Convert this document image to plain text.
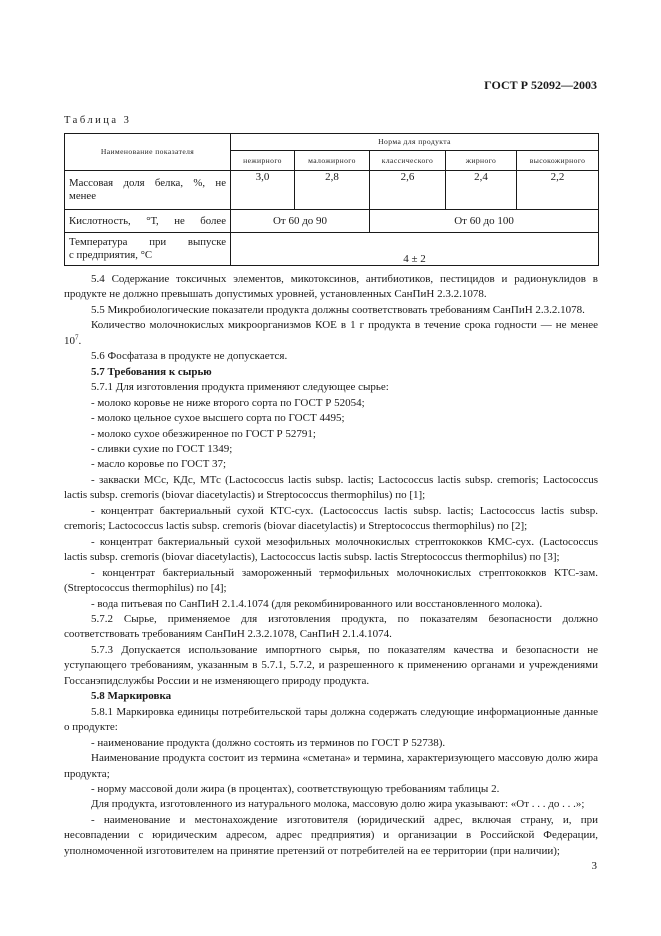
ГОСТ Р 52092—2003
Таблица 3
Наименование показателя	Норма для продукта				
	нежирного	маложирного	классического	жирного	высокожирного
Массовая доля белка, %, не
менее	3,0	2,8	2,6	2,4	2,2

Кислотность, °Т, не более	От 60 до 90		От 60 до 100		
Температура при выпуске
с предприятия, °С	4 ± 2				

5.4 Содержание токсичных элементов, микотоксинов, антибиотиков, пестицидов и радионуклидов в продукте не должно превышать допустимых уровней, установленных СанПиН 2.3.2.1078.

5.5 Микробиологические показатели продукта должны соответствовать требованиям СанПиН 2.3.2.1078.

Количество молочнокислых микроорганизмов КОЕ в 1 г продукта в течение срока годности — не менее $10^7$.

5.6 Фосфатаза в продукте не допускается.

5.7 Требования к сырью

5.7.1 Для изготовления продукта применяют следующее сырье:

- молоко коровье не ниже второго сорта по ГОСТ Р 52054;

- молоко цельное сухое высшего сорта по ГОСТ 4495;

- молоко сухое обезжиренное по ГОСТ Р 52791;

- сливки сухие по ГОСТ 1349;

- масло коровье по ГОСТ 37;

- закваски МСс, КДс, МТс (Lactococcus lactis subsp. lactis; Lactococcus lactis subsp. cremoris; Lactococcus lactis subsp. cremoris (biovar diacetylactis) и Streptococcus thermophilus) по [1];

- концентрат бактериальный сухой КТС-сух. (Lactococcus lactis subsp. lactis; Lactococcus lactis subsp. cremoris; Lactococcus lactis subsp. cremoris (biovar diacetylactis) и Streptococcus thermophilus) по [2];

- концентрат бактериальный сухой мезофильных молочнокислых стрептококков КМС-сух. (Lactococcus lactis subsp. cremoris (biovar diacetylactis), Lactococcus lactis subsp. lactis Streptococcus thermophilus) по [3];

- концентрат бактериальный замороженный термофильных молочнокислых стрептококков КТС-зам. (Streptococcus thermophilus) по [4];

- вода питьевая по СанПиН 2.1.4.1074 (для рекомбинированного или восстановленного молока).

5.7.2 Сырье, применяемое для изготовления продукта, по показателям безопасности должно соответствовать требованиям СанПиН 2.3.2.1078, СанПиН 2.1.4.1074.

5.7.3 Допускается использование импортного сырья, по показателям качества и безопасности не уступающего требованиям, указанным в 5.7.1, 5.7.2, и разрешенного к применению органами и учреждениями Госсанэпидслужбы России и не изменяющего природу продукта.

5.8 Маркировка

5.8.1 Маркировка единицы потребительской тары должна содержать следующие информационные данные о продукте:

- наименование продукта (должно состоять из терминов по ГОСТ Р 52738).

Наименование продукта состоит из термина «сметана» и термина, характеризующего массовую долю жира продукта;

- норму массовой доли жира (в процентах), соответствующую требованиям таблицы 2.

Для продукта, изготовленного из натурального молока, массовую долю жира указывают: «От . . . до . . .»;

- наименование и местонахождение изготовителя (юридический адрес, включая страну, и, при несовпадении с юридическим адресом, адрес предприятия) и организации в Российской Федерации, уполномоченной изготовителем на принятие претензий от потребителей на ее территории (при наличии);

3
